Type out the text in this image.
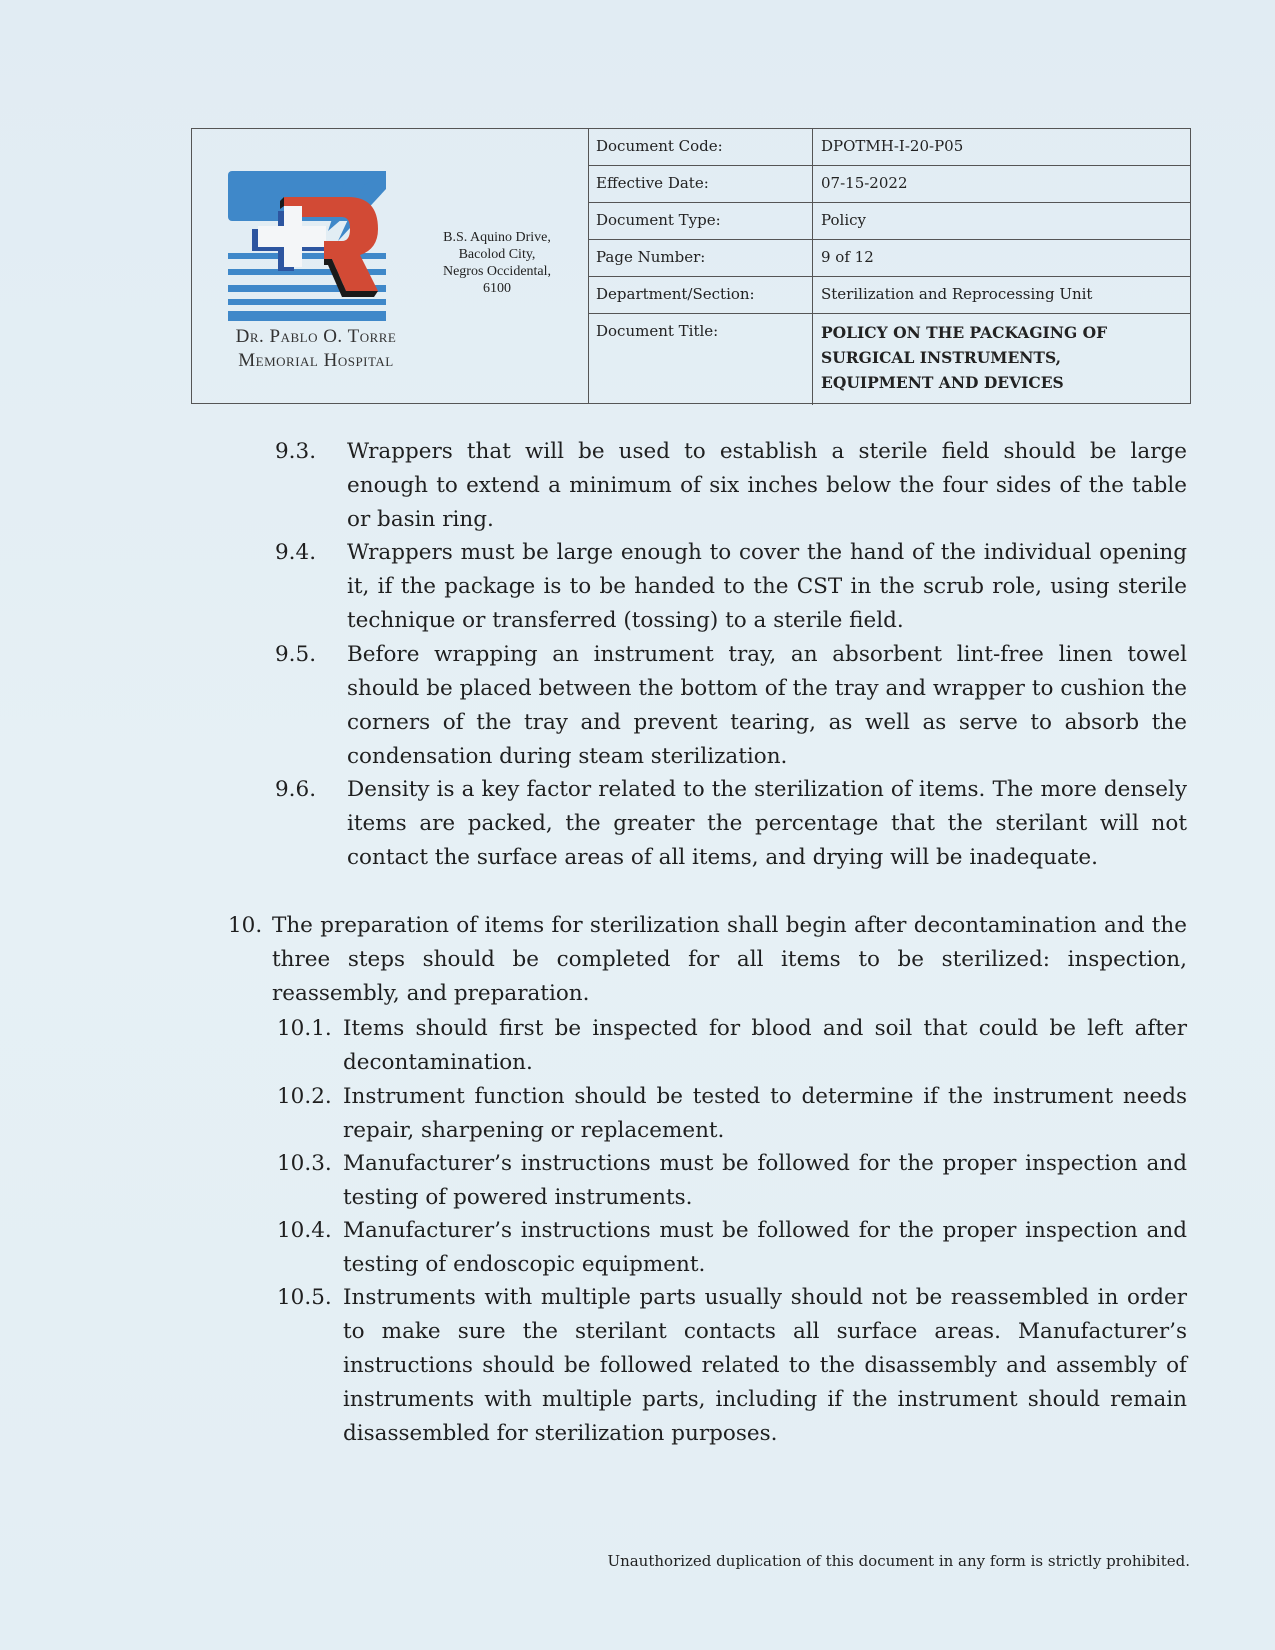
Dr. Pablo O. Torre
Memorial Hospital
B.S. Aquino Drive,
Bacolod City,
Negros Occidental,
6100
Document Code:	DPOTMH-I-20-P05
Effective Date:	07-15-2022
Document Type:	Policy
Page Number:	9 of 12
Department/Section:	Sterilization and Reprocessing Unit
Document Title:	POLICY ON THE PACKAGING OF SURGICAL INSTRUMENTS, EQUIPMENT AND DEVICES
9.3. Wrappers that will be used to establish a sterile field should be large enough to extend a minimum of six inches below the four sides of the table or basin ring.
9.4. Wrappers must be large enough to cover the hand of the individual opening it, if the package is to be handed to the CST in the scrub role, using sterile technique or transferred (tossing) to a sterile field.
9.5. Before wrapping an instrument tray, an absorbent lint-free linen towel should be placed between the bottom of the tray and wrapper to cushion the corners of the tray and prevent tearing, as well as serve to absorb the condensation during steam sterilization.
9.6. Density is a key factor related to the sterilization of items. The more densely items are packed, the greater the percentage that the sterilant will not contact the surface areas of all items, and drying will be inadequate.
10. The preparation of items for sterilization shall begin after decontamination and the three steps should be completed for all items to be sterilized: inspection, reassembly, and preparation.
10.1. Items should first be inspected for blood and soil that could be left after decontamination.
10.2. Instrument function should be tested to determine if the instrument needs repair, sharpening or replacement.
10.3. Manufacturer’s instructions must be followed for the proper inspection and testing of powered instruments.
10.4. Manufacturer’s instructions must be followed for the proper inspection and testing of endoscopic equipment.
10.5. Instruments with multiple parts usually should not be reassembled in order to make sure the sterilant contacts all surface areas. Manufacturer’s instructions should be followed related to the disassembly and assembly of instruments with multiple parts, including if the instrument should remain disassembled for sterilization purposes.
Unauthorized duplication of this document in any form is strictly prohibited.
